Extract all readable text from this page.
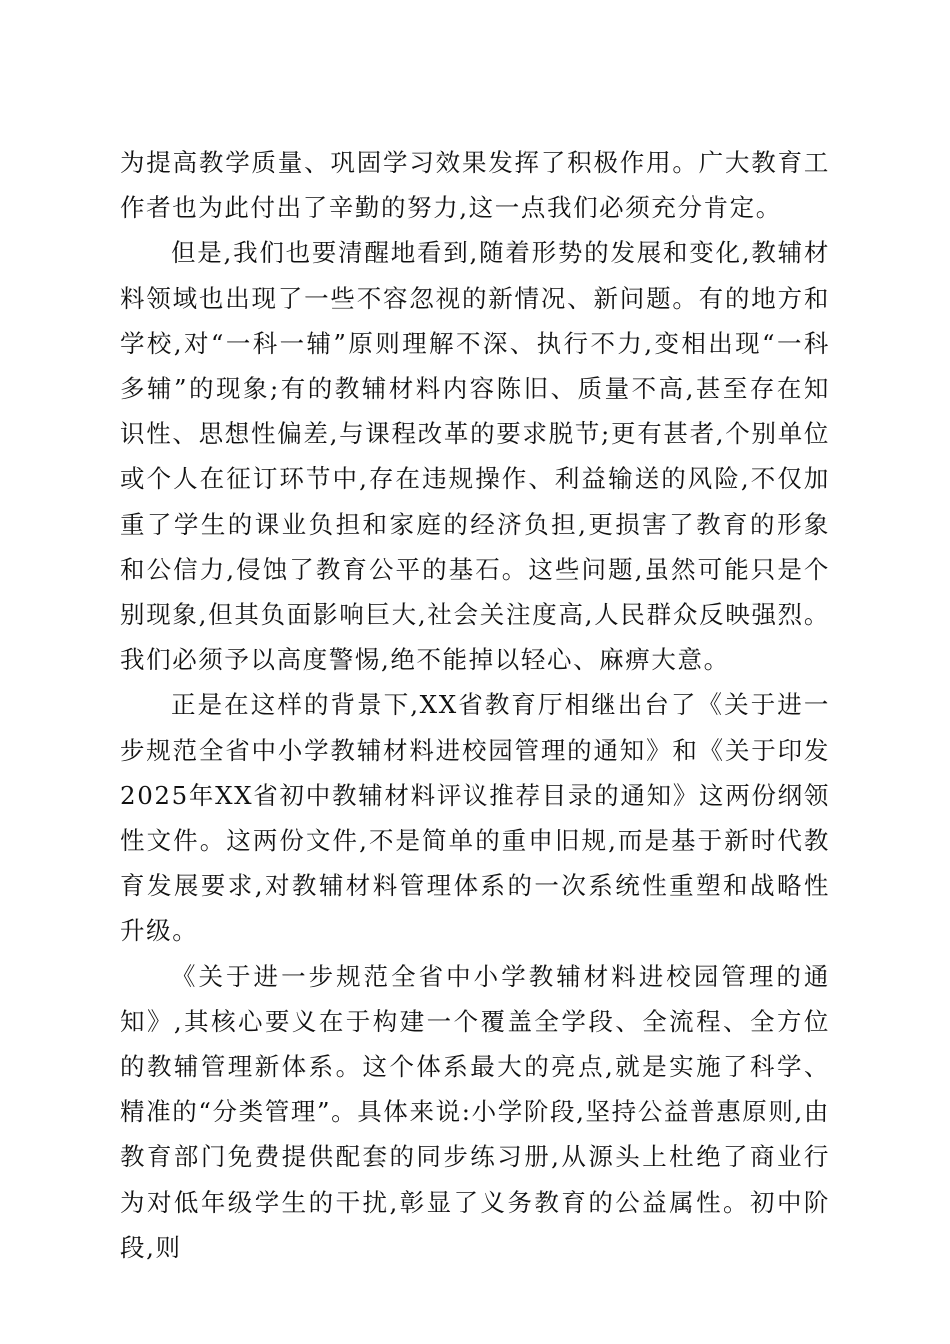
为提高教学质量、巩固学习效果发挥了积极作用。广大教育工作者也为此付出了辛勤的努力,这一点我们必须充分肯定。

但是,我们也要清醒地看到,随着形势的发展和变化,教辅材料领域也出现了一些不容忽视的新情况、新问题。有的地方和学校,对“一科一辅”原则理解不深、执行不力,变相出现“一科多辅”的现象;有的教辅材料内容陈旧、质量不高,甚至存在知识性、思想性偏差,与课程改革的要求脱节;更有甚者,个别单位或个人在征订环节中,存在违规操作、利益输送的风险,不仅加重了学生的课业负担和家庭的经济负担,更损害了教育的形象和公信力,侵蚀了教育公平的基石。这些问题,虽然可能只是个别现象,但其负面影响巨大,社会关注度高,人民群众反映强烈。我们必须予以高度警惕,绝不能掉以轻心、麻痹大意。

正是在这样的背景下,XX省教育厅相继出台了《关于进一步规范全省中小学教辅材料进校园管理的通知》和《关于印发2025年XX省初中教辅材料评议推荐目录的通知》这两份纲领性文件。这两份文件,不是简单的重申旧规,而是基于新时代教育发展要求,对教辅材料管理体系的一次系统性重塑和战略性升级。

《关于进一步规范全省中小学教辅材料进校园管理的通知》,其核心要义在于构建一个覆盖全学段、全流程、全方位的教辅管理新体系。这个体系最大的亮点,就是实施了科学、精准的“分类管理”。具体来说:小学阶段,坚持公益普惠原则,由教育部门免费提供配套的同步练习册,从源头上杜绝了商业行为对低年级学生的干扰,彰显了义务教育的公益属性。初中阶段,则
